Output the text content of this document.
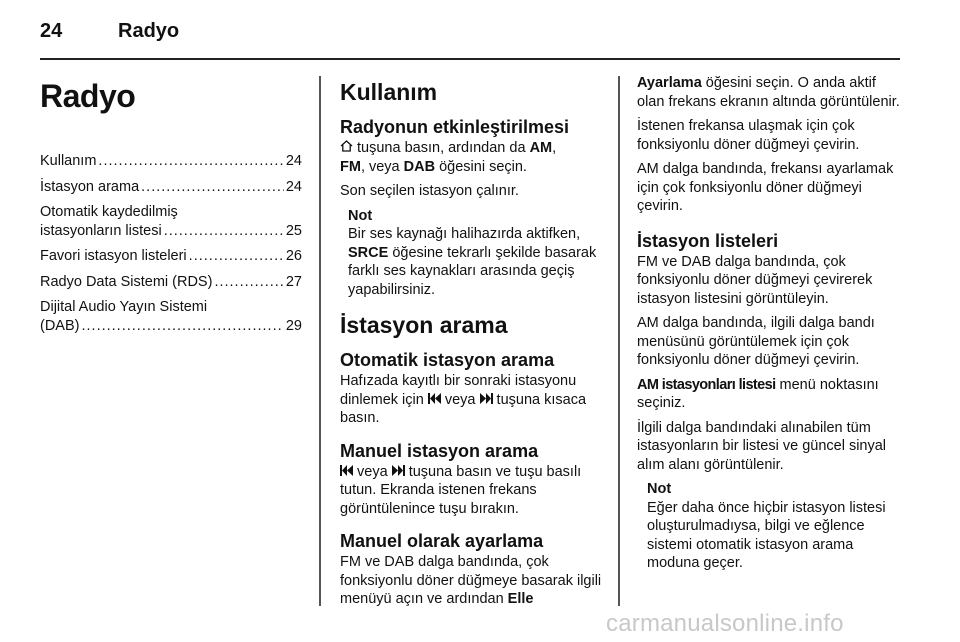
24	Radyo
Radyo
Kullanım .....	24
İstasyon arama .....	24
Otomatik kaydedilmiş
istasyonların listesi .....	25
Favori istasyon listeleri .....	26
Radyo Data Sistemi (RDS) .....	27
Dijital Audio Yayın Sistemi
(DAB) .....	29
Kullanım
Radyonun etkinleştirilmesi

tuşuna basın, ardından da AM,
FM, veya DAB öğesini seçin.

Son seçilen istasyon çalınır.

Not
Bir ses kaynağı halihazırda aktifken,
SRCE öğesine tekrarlı şekilde basarak farklı ses kaynakları arasında geçiş yapabilirsiniz.
İstasyon arama
Otomatik istasyon arama

Hafızada kayıtlı bir sonraki istasyonu dinlemek için  veya  tuşuna kısaca basın.

Manuel istasyon arama

veya  tuşuna basın ve tuşu basılı tutun. Ekranda istenen frekans görüntülenince tuşu bırakın.

Manuel olarak ayarlama

FM ve DAB dalga bandında, çok fonksiyonlu döner düğmeye basarak ilgili menüyü açın ve ardından Elle

Ayarlama öğesini seçin. O anda aktif olan frekans ekranın altında görüntülenir.

İstenen frekansa ulaşmak için çok fonksiyonlu döner düğmeyi çevirin.

AM dalga bandında, frekansı ayarlamak için çok fonksiyonlu döner düğmeyi çevirin.

İstasyon listeleri

FM ve DAB dalga bandında, çok fonksiyonlu döner düğmeyi çevirerek istasyon listesini görüntüleyin.

AM dalga bandında, ilgili dalga bandı menüsünü görüntülemek için çok fonksiyonlu döner düğmeyi çevirin.

AM istasyonları listesi menü noktasını seçiniz.

İlgili dalga bandındaki alınabilen tüm istasyonların bir listesi ve güncel sinyal alım alanı görüntülenir.

Not
Eğer daha önce hiçbir istasyon listesi oluşturulmadıysa, bilgi ve eğlence sistemi otomatik istasyon arama moduna geçer.
carmanualsonline.info
